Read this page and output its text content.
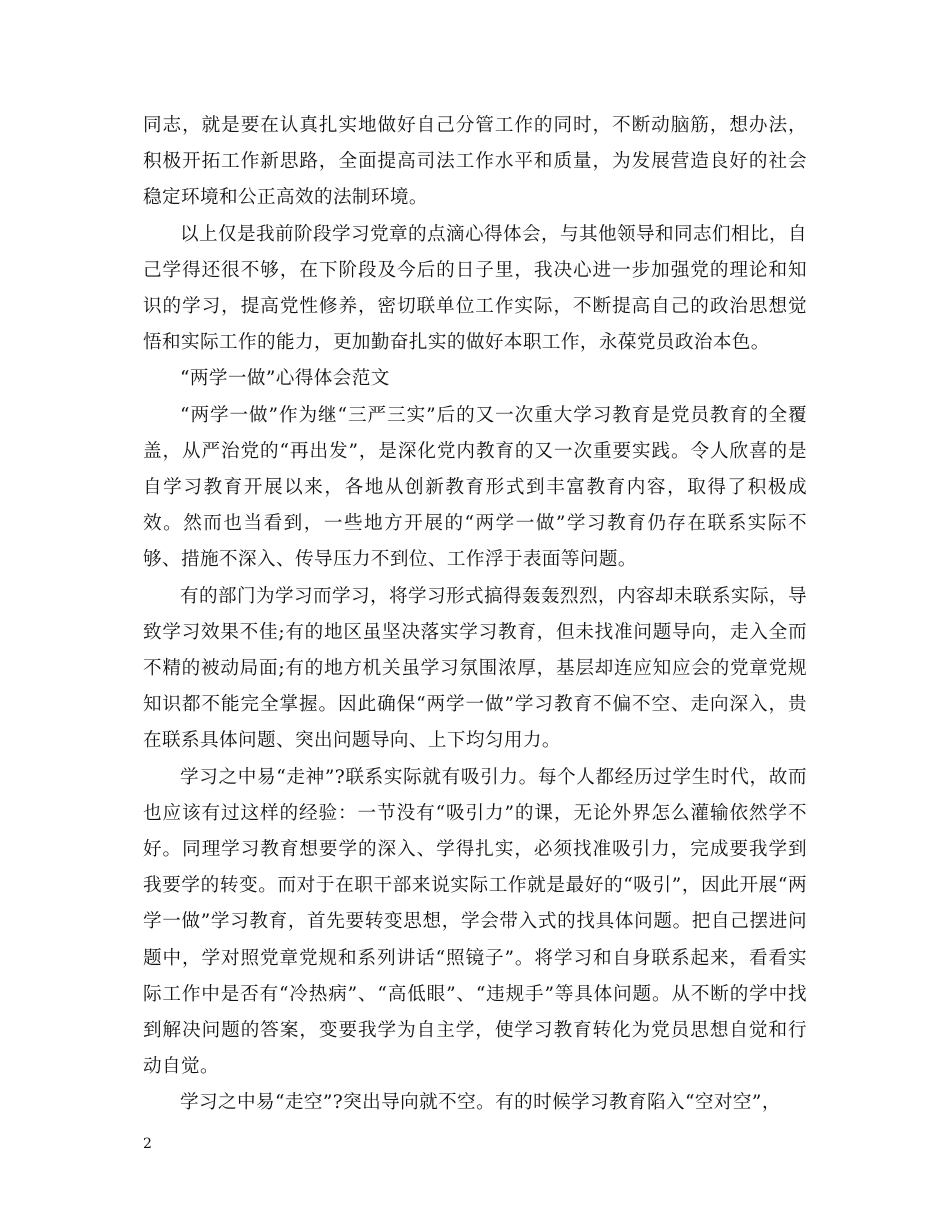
同志，就是要在认真扎实地做好自己分管工作的同时，不断动脑筋，想办法，积极开拓工作新思路，全面提高司法工作水平和质量，为发展营造良好的社会稳定环境和公正高效的法制环境。

以上仅是我前阶段学习党章的点滴心得体会，与其他领导和同志们相比，自己学得还很不够，在下阶段及今后的日子里，我决心进一步加强党的理论和知识的学习，提高党性修养，密切联单位工作实际，不断提高自己的政治思想觉悟和实际工作的能力，更加勤奋扎实的做好本职工作，永葆党员政治本色。

“两学一做”心得体会范文

“两学一做”作为继“三严三实”后的又一次重大学习教育是党员教育的全覆盖，从严治党的“再出发”，是深化党内教育的又一次重要实践。令人欣喜的是自学习教育开展以来，各地从创新教育形式到丰富教育内容，取得了积极成效。然而也当看到，一些地方开展的“两学一做”学习教育仍存在联系实际不够、措施不深入、传导压力不到位、工作浮于表面等问题。

有的部门为学习而学习，将学习形式搞得轰轰烈烈，内容却未联系实际，导致学习效果不佳;有的地区虽坚决落实学习教育，但未找准问题导向，走入全而不精的被动局面;有的地方机关虽学习氛围浓厚，基层却连应知应会的党章党规知识都不能完全掌握。因此确保“两学一做”学习教育不偏不空、走向深入，贵在联系具体问题、突出问题导向、上下均匀用力。

学习之中易“走神”?联系实际就有吸引力。每个人都经历过学生时代，故而也应该有过这样的经验：一节没有“吸引力”的课，无论外界怎么灌输依然学不好。同理学习教育想要学的深入、学得扎实，必须找准吸引力，完成要我学到我要学的转变。而对于在职干部来说实际工作就是最好的“吸引”，因此开展“两学一做”学习教育，首先要转变思想，学会带入式的找具体问题。把自己摆进问题中，学对照党章党规和系列讲话“照镜子”。将学习和自身联系起来，看看实际工作中是否有“冷热病”、“高低眼”、“违规手”等具体问题。从不断的学中找到解决问题的答案，变要我学为自主学，使学习教育转化为党员思想自觉和行动自觉。

学习之中易“走空”?突出导向就不空。有的时候学习教育陷入“空对空”，

2
